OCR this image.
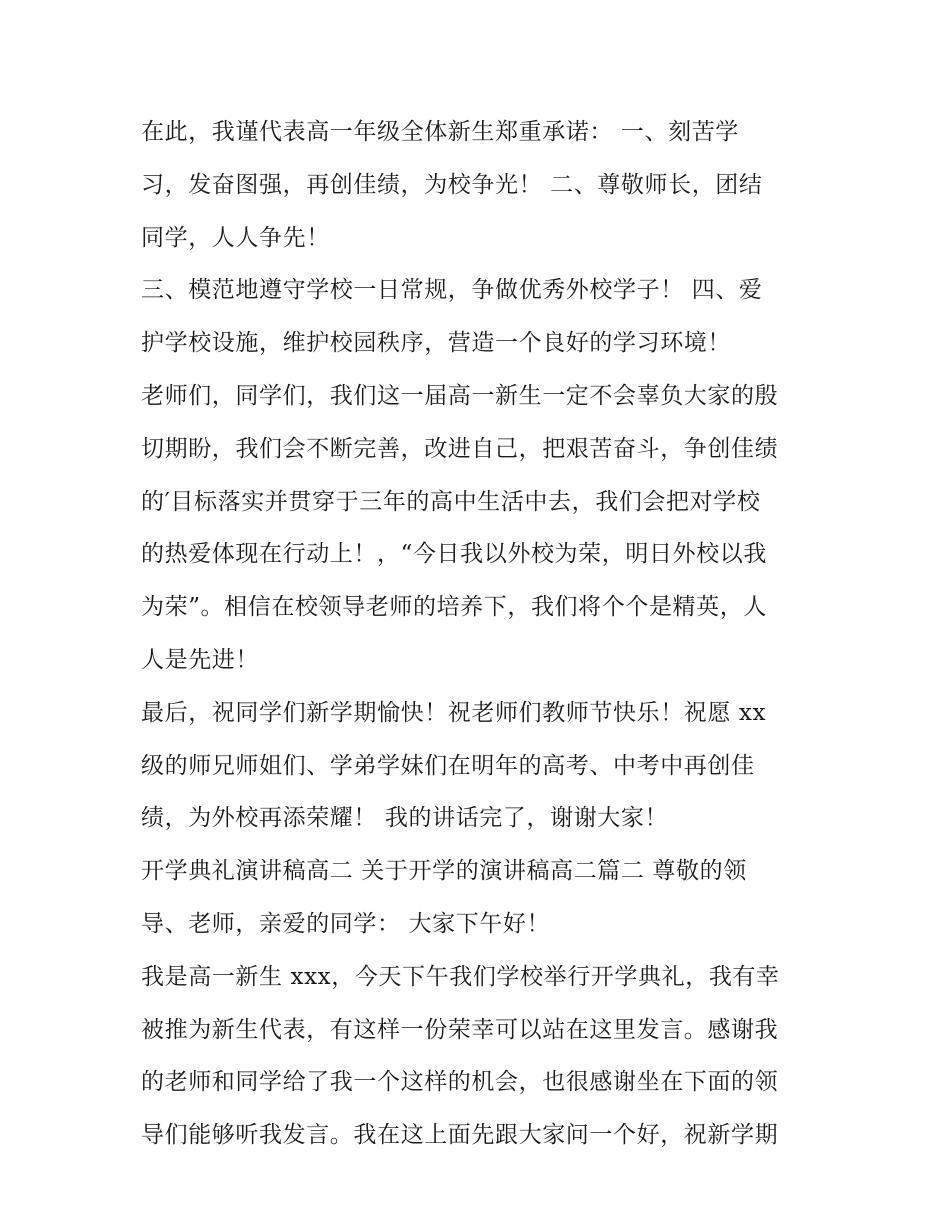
在此，我谨代表高一年级全体新生郑重承诺： 一、刻苦学
习，发奋图强，再创佳绩，为校争光！ 二、尊敬师长，团结
同学，人人争先！
三、模范地遵守学校一日常规，争做优秀外校学子！ 四、爱
护学校设施，维护校园秩序，营造一个良好的学习环境！
老师们，同学们，我们这一届高一新生一定不会辜负大家的殷
切期盼，我们会不断完善，改进自己，把艰苦奋斗，争创佳绩
的′目标落实并贯穿于三年的高中生活中去，我们会把对学校
的热爱体现在行动上！，“今日我以外校为荣，明日外校以我
为荣”。相信在校领导老师的培养下，我们将个个是精英，人
人是先进！
最后，祝同学们新学期愉快！祝老师们教师节快乐！祝愿 xx
级的师兄师姐们、学弟学妹们在明年的高考、中考中再创佳
绩，为外校再添荣耀！ 我的讲话完了，谢谢大家！
开学典礼演讲稿高二 关于开学的演讲稿高二篇二 尊敬的领
导、老师，亲爱的同学： 大家下午好！
我是高一新生 xxx，今天下午我们学校举行开学典礼，我有幸
被推为新生代表，有这样一份荣幸可以站在这里发言。感谢我
的老师和同学给了我一个这样的机会，也很感谢坐在下面的领
导们能够听我发言。我在这上面先跟大家问一个好，祝新学期
